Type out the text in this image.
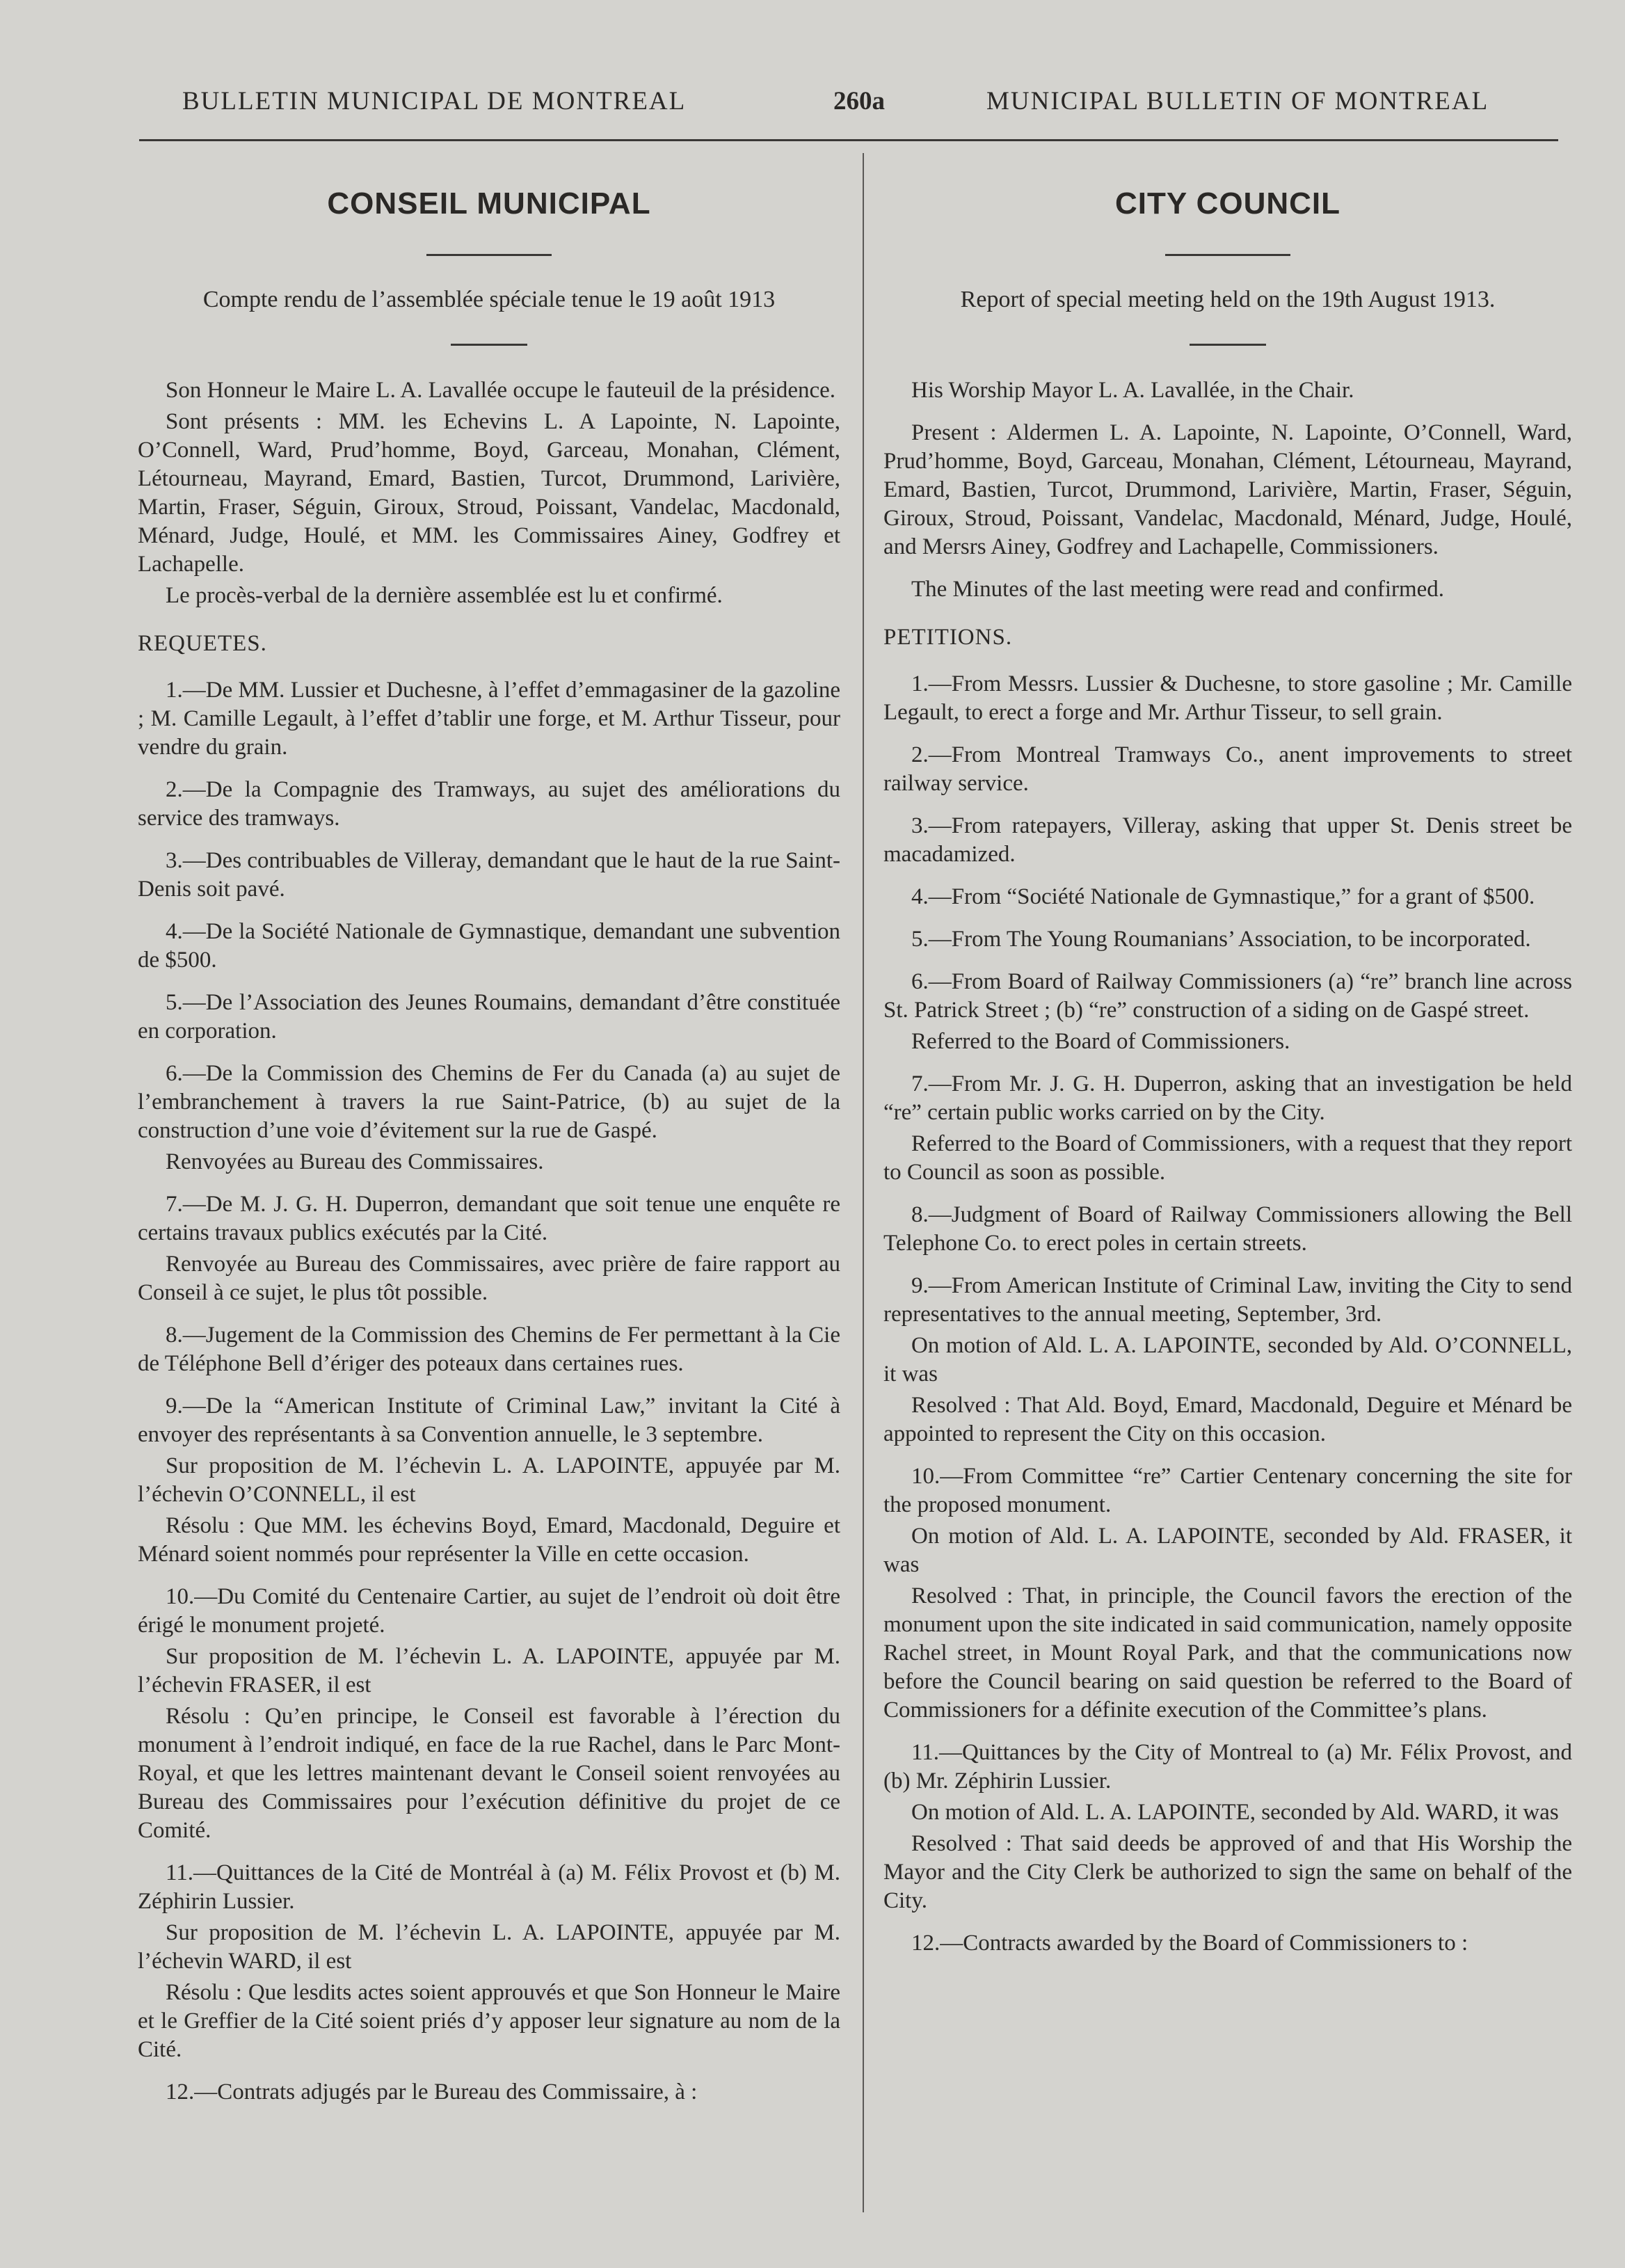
BULLETIN MUNICIPAL DE MONTREAL	260a	MUNICIPAL BULLETIN OF MONTREAL
CONSEIL MUNICIPAL
Compte rendu de l’assemblée spéciale tenue le 19 août 1913

Son Honneur le Maire L. A. Lavallée occupe le fauteuil de la présidence.

Sont présents : MM. les Echevins L. A Lapointe, N. Lapointe, O’Connell, Ward, Prud’homme, Boyd, Garceau, Monahan, Clément, Létourneau, Mayrand, Emard, Bastien, Turcot, Drummond, Larivière, Martin, Fraser, Séguin, Giroux, Stroud, Poissant, Vandelac, Macdonald, Ménard, Judge, Houlé, et MM. les Commissaires Ainey, Godfrey et Lachapelle.

Le procès-verbal de la dernière assemblée est lu et confirmé.

REQUETES.

1.—De MM. Lussier et Duchesne, à l’effet d’emmagasiner de la gazoline ; M. Camille Legault, à l’effet d’tablir une forge, et M. Arthur Tisseur, pour vendre du grain.

2.—De la Compagnie des Tramways, au sujet des améliorations du service des tramways.

3.—Des contribuables de Villeray, demandant que le haut de la rue Saint-Denis soit pavé.

4.—De la Société Nationale de Gymnastique, demandant une subvention de $500.

5.—De l’Association des Jeunes Roumains, demandant d’être constituée en corporation.

6.—De la Commission des Chemins de Fer du Canada (a) au sujet de l’embranchement à travers la rue Saint-Patrice, (b) au sujet de la construction d’une voie d’évitement sur la rue de Gaspé.

Renvoyées au Bureau des Commissaires.

7.—De M. J. G. H. Duperron, demandant que soit tenue une enquête re certains travaux publics exécutés par la Cité.

Renvoyée au Bureau des Commissaires, avec prière de faire rapport au Conseil à ce sujet, le plus tôt possible.

8.—Jugement de la Commission des Chemins de Fer permettant à la Cie de Téléphone Bell d’ériger des poteaux dans certaines rues.

9.—De la “American Institute of Criminal Law,” invitant la Cité à envoyer des représentants à sa Convention annuelle, le 3 septembre.

Sur proposition de M. l’échevin L. A. LAPOINTE, appuyée par M. l’échevin O’CONNELL, il est

Résolu : Que MM. les échevins Boyd, Emard, Macdonald, Deguire et Ménard soient nommés pour représenter la Ville en cette occasion.

10.—Du Comité du Centenaire Cartier, au sujet de l’endroit où doit être érigé le monument projeté.

Sur proposition de M. l’échevin L. A. LAPOINTE, appuyée par M. l’échevin FRASER, il est

Résolu : Qu’en principe, le Conseil est favorable à l’érection du monument à l’endroit indiqué, en face de la rue Rachel, dans le Parc Mont-Royal, et que les lettres maintenant devant le Conseil soient renvoyées au Bureau des Commissaires pour l’exécution définitive du projet de ce Comité.

11.—Quittances de la Cité de Montréal à (a) M. Félix Provost et (b) M. Zéphirin Lussier.

Sur proposition de M. l’échevin L. A. LAPOINTE, appuyée par M. l’échevin WARD, il est

Résolu : Que lesdits actes soient approuvés et que Son Honneur le Maire et le Greffier de la Cité soient priés d’y apposer leur signature au nom de la Cité.

12.—Contrats adjugés par le Bureau des Commissaire, à :

CITY COUNCIL
Report of special meeting held on the 19th August 1913.

His Worship Mayor L. A. Lavallée, in the Chair.

Present : Aldermen L. A. Lapointe, N. Lapointe, O’Connell, Ward, Prud’homme, Boyd, Garceau, Monahan, Clément, Létourneau, Mayrand, Emard, Bastien, Turcot, Drummond, Larivière, Martin, Fraser, Séguin, Giroux, Stroud, Poissant, Vandelac, Macdonald, Ménard, Judge, Houlé, and Mersrs Ainey, Godfrey and Lachapelle, Commissioners.

The Minutes of the last meeting were read and confirmed.

PETITIONS.

1.—From Messrs. Lussier & Duchesne, to store gasoline ; Mr. Camille Legault, to erect a forge and Mr. Arthur Tisseur, to sell grain.

2.—From Montreal Tramways Co., anent improvements to street railway service.

3.—From ratepayers, Villeray, asking that upper St. Denis street be macadamized.

4.—From “Société Nationale de Gymnastique,” for a grant of $500.

5.—From The Young Roumanians’ Association, to be incorporated.

6.—From Board of Railway Commissioners (a) “re” branch line across St. Patrick Street ; (b) “re” construction of a siding on de Gaspé street.

Referred to the Board of Commissioners.

7.—From Mr. J. G. H. Duperron, asking that an investigation be held “re” certain public works carried on by the City.

Referred to the Board of Commissioners, with a request that they report to Council as soon as possible.

8.—Judgment of Board of Railway Commissioners allowing the Bell Telephone Co. to erect poles in certain streets.

9.—From American Institute of Criminal Law, inviting the City to send representatives to the annual meeting, September, 3rd.

On motion of Ald. L. A. LAPOINTE, seconded by Ald. O’CONNELL, it was

Resolved : That Ald. Boyd, Emard, Macdonald, Deguire et Ménard be appointed to represent the City on this occasion.

10.—From Committee “re” Cartier Centenary concerning the site for the proposed monument.

On motion of Ald. L. A. LAPOINTE, seconded by Ald. FRASER, it was

Resolved : That, in principle, the Council favors the erection of the monument upon the site indicated in said communication, namely opposite Rachel street, in Mount Royal Park, and that the communications now before the Council bearing on said question be referred to the Board of Commissioners for a définite execution of the Committee’s plans.

11.—Quittances by the City of Montreal to (a) Mr. Félix Provost, and (b) Mr. Zéphirin Lussier.

On motion of Ald. L. A. LAPOINTE, seconded by Ald. WARD, it was

Resolved : That said deeds be approved of and that His Worship the Mayor and the City Clerk be authorized to sign the same on behalf of the City.

12.—Contracts awarded by the Board of Commissioners to :
